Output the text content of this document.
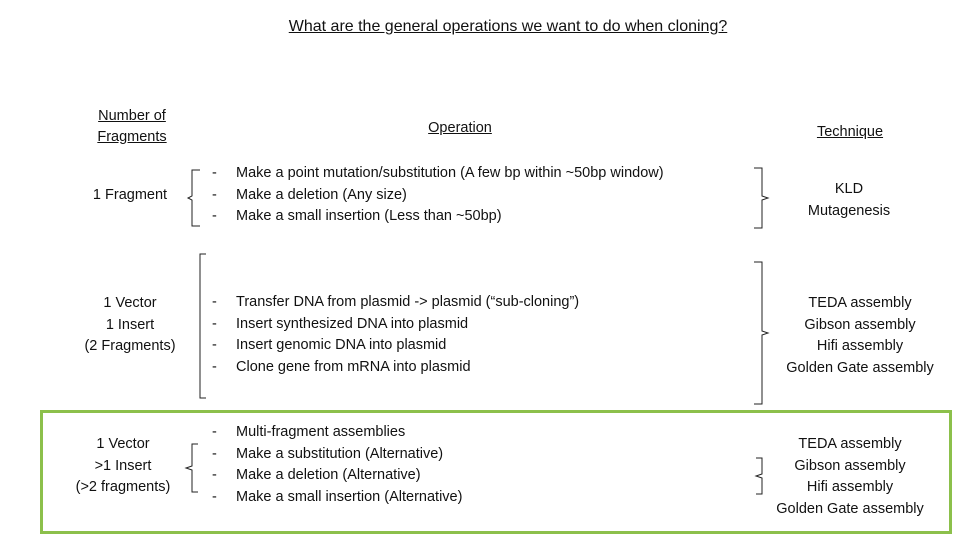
What are the general operations we want to do when cloning?
Number of Fragments
Operation	Technique
1 Fragment
- Make a point mutation/substitution (A few bp within ~50bp window)
- Make a deletion (Any size)
- Make a small insertion (Less than ~50bp)
KLD
Mutagenesis
1 Vector
1 Insert
(2 Fragments)
- Transfer DNA from plasmid -> plasmid (“sub-cloning”)
- Insert synthesized DNA into plasmid
- Insert genomic DNA into plasmid
- Clone gene from mRNA into plasmid
TEDA assembly
Gibson assembly
Hifi assembly
Golden Gate assembly
1 Vector
>1 Insert
(>2 fragments)
- Multi-fragment assemblies
- Make a substitution (Alternative)
- Make a deletion (Alternative)
- Make a small insertion (Alternative)
TEDA assembly
Gibson assembly
Hifi assembly
Golden Gate assembly
